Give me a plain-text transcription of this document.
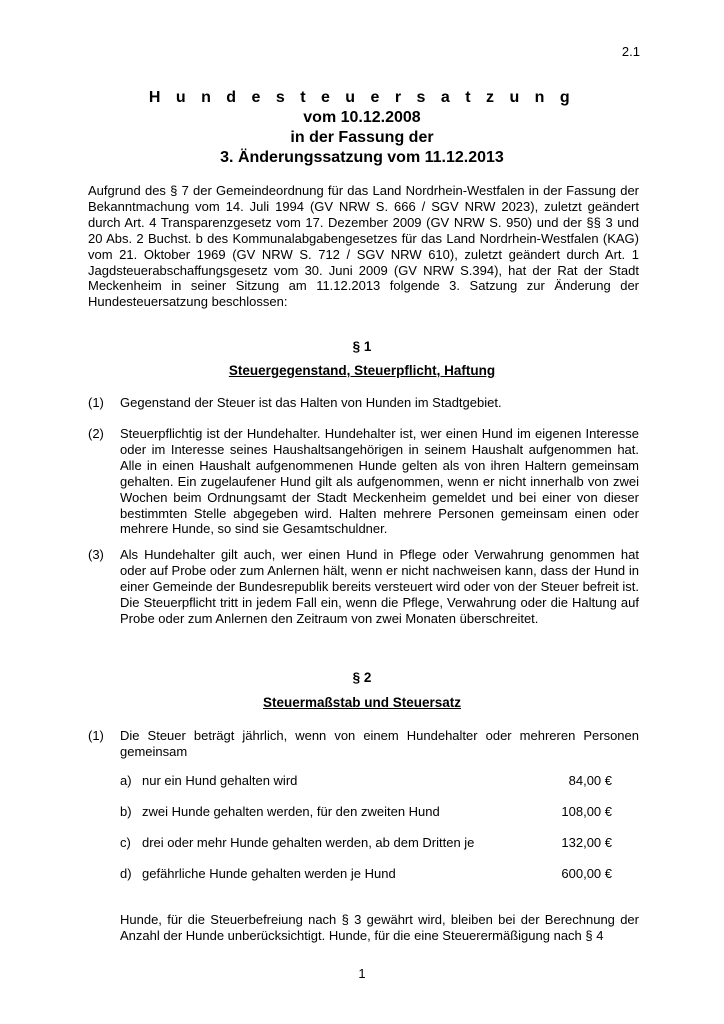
2.1
H u n d e s t e u e r s a t z u n g
vom 10.12.2008
in der Fassung der
3. Änderungssatzung vom 11.12.2013
Aufgrund des § 7 der Gemeindeordnung für das Land Nordrhein-Westfalen in der Fassung der Bekanntmachung vom 14. Juli 1994 (GV NRW S. 666 / SGV NRW 2023), zuletzt geändert durch Art. 4 Transparenzgesetz vom 17. Dezember 2009 (GV NRW S. 950) und der §§ 3 und 20 Abs. 2 Buchst. b des Kommunalabgabengesetzes für das Land Nordrhein-Westfalen (KAG) vom 21. Oktober 1969 (GV NRW S. 712 / SGV NRW 610), zuletzt geändert durch Art. 1 Jagdsteuerabschaffungsgesetz vom 30. Juni 2009 (GV NRW S.394), hat der Rat der Stadt Meckenheim in seiner Sitzung am 11.12.2013 folgende 3. Satzung zur Änderung der Hundesteuersatzung beschlossen:
§ 1
Steuergegenstand, Steuerpflicht, Haftung
(1) Gegenstand der Steuer ist das Halten von Hunden im Stadtgebiet.
(2) Steuerpflichtig ist der Hundehalter. Hundehalter ist, wer einen Hund im eigenen Interesse oder im Interesse seines Haushaltsangehörigen in seinem Haushalt aufgenommen hat. Alle in einen Haushalt aufgenommenen Hunde gelten als von ihren Haltern gemeinsam gehalten. Ein zugelaufener Hund gilt als aufgenommen, wenn er nicht innerhalb von zwei Wochen beim Ordnungsamt der Stadt Meckenheim gemeldet und bei einer von dieser bestimmten Stelle abgegeben wird. Halten mehrere Personen gemeinsam einen oder mehrere Hunde, so sind sie Gesamtschuldner.
(3) Als Hundehalter gilt auch, wer einen Hund in Pflege oder Verwahrung genommen hat oder auf Probe oder zum Anlernen hält, wenn er nicht nachweisen kann, dass der Hund in einer Gemeinde der Bundesrepublik bereits versteuert wird oder von der Steuer befreit ist. Die Steuerpflicht tritt in jedem Fall ein, wenn die Pflege, Verwahrung oder die Haltung auf Probe oder zum Anlernen den Zeitraum von zwei Monaten überschreitet.
§ 2
Steuermaßstab und Steuersatz
(1) Die Steuer beträgt jährlich, wenn von einem Hundehalter oder mehreren Personen gemeinsam
a) nur ein Hund gehalten wird	84,00 €
b) zwei Hunde gehalten werden, für den zweiten Hund	108,00 €
c) drei oder mehr Hunde gehalten werden, ab dem Dritten je	132,00 €
d) gefährliche Hunde gehalten werden je Hund	600,00 €
Hunde, für die Steuerbefreiung nach § 3 gewährt wird, bleiben bei der Berechnung der Anzahl der Hunde unberücksichtigt. Hunde, für die eine Steuerermäßigung nach § 4
1
